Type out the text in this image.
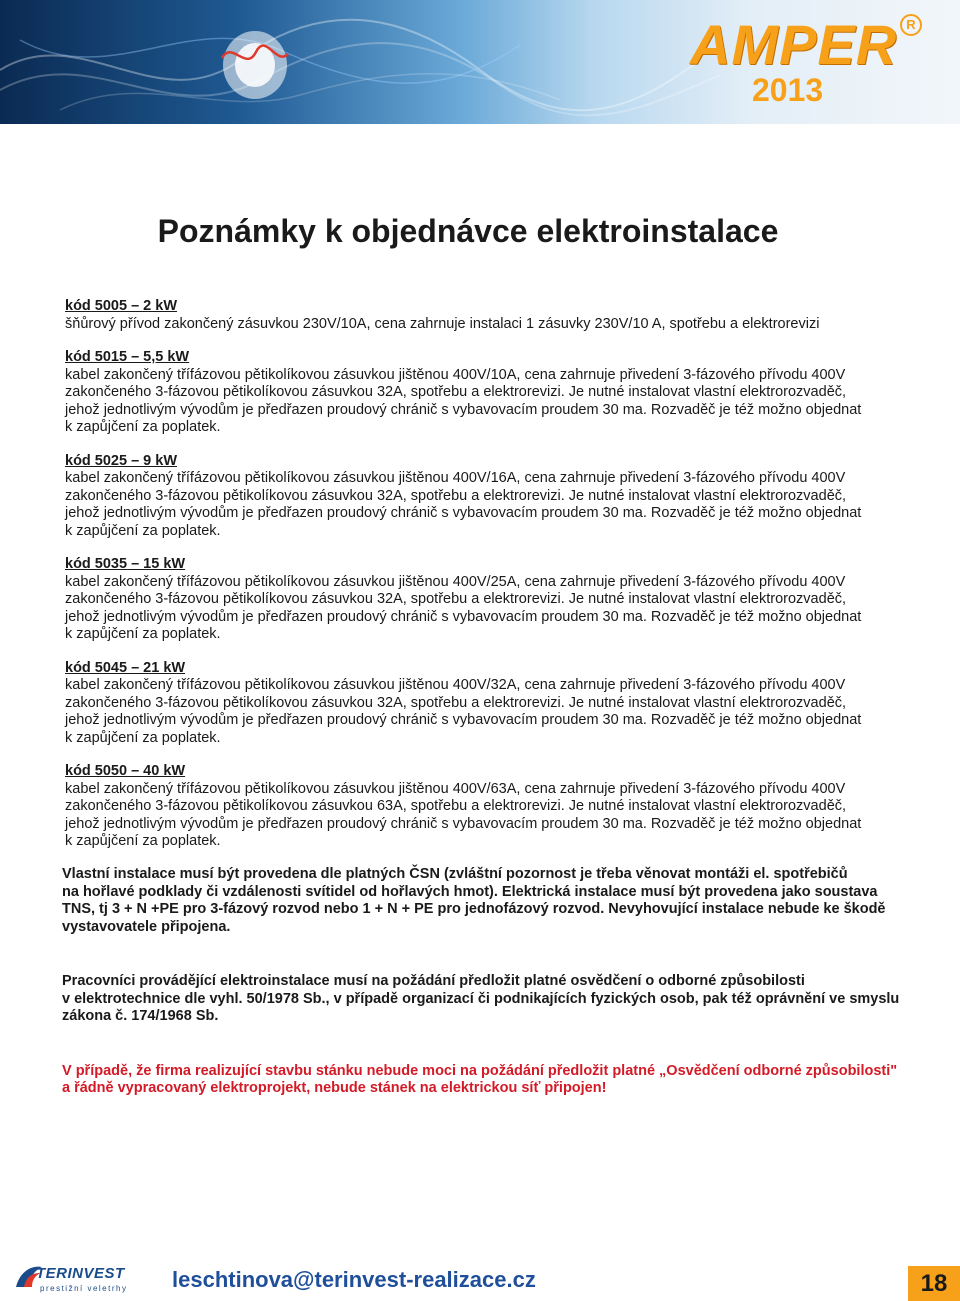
AMPER R
2013
Poznámky k objednávce elektroinstalace
kód 5005 – 2 kW
šňůrový přívod zakončený zásuvkou 230V/10A, cena zahrnuje instalaci 1 zásuvky 230V/10 A, spotřebu a elektrorevizi
kód 5015 – 5,5 kW
kabel zakončený třífázovou pětikolíkovou zásuvkou jištěnou 400V/10A, cena zahrnuje přivedení 3-fázového přívodu 400V
zakončeného 3-fázovou pětikolíkovou zásuvkou 32A, spotřebu a elektrorevizi. Je nutné instalovat vlastní elektrorozvaděč,
jehož jednotlivým vývodům je předřazen proudový chránič s vybavovacím proudem 30 ma. Rozvaděč je též možno objednat
k zapůjčení za poplatek.
kód 5025 – 9 kW
kabel zakončený třífázovou pětikolíkovou zásuvkou jištěnou 400V/16A, cena zahrnuje přivedení 3-fázového přívodu 400V
zakončeného 3-fázovou pětikolíkovou zásuvkou 32A, spotřebu a elektrorevizi. Je nutné instalovat vlastní elektrorozvaděč,
jehož jednotlivým vývodům je předřazen proudový chránič s vybavovacím proudem 30 ma. Rozvaděč je též možno objednat
k zapůjčení za poplatek.
kód 5035 – 15 kW
kabel zakončený třífázovou pětikolíkovou zásuvkou jištěnou 400V/25A, cena zahrnuje přivedení 3-fázového přívodu 400V
zakončeného 3-fázovou pětikolíkovou zásuvkou 32A, spotřebu a elektrorevizi. Je nutné instalovat vlastní elektrorozvaděč,
jehož jednotlivým vývodům je předřazen proudový chránič s vybavovacím proudem 30 ma. Rozvaděč je též možno objednat
k zapůjčení za poplatek.
kód 5045 – 21 kW
kabel zakončený třífázovou pětikolíkovou zásuvkou jištěnou 400V/32A, cena zahrnuje přivedení 3-fázového přívodu 400V
zakončeného 3-fázovou pětikolíkovou zásuvkou 32A, spotřebu a elektrorevizi. Je nutné instalovat vlastní elektrorozvaděč,
jehož jednotlivým vývodům je předřazen proudový chránič s vybavovacím proudem 30 ma. Rozvaděč je též možno objednat
k zapůjčení za poplatek.
kód 5050 – 40 kW
kabel zakončený třífázovou pětikolíkovou zásuvkou jištěnou 400V/63A, cena zahrnuje přivedení 3-fázového přívodu 400V
zakončeného 3-fázovou pětikolíkovou zásuvkou 63A, spotřebu a elektrorevizi. Je nutné instalovat vlastní elektrorozvaděč,
jehož jednotlivým vývodům je předřazen proudový chránič s vybavovacím proudem 30 ma. Rozvaděč je též možno objednat
k zapůjčení za poplatek.
Vlastní instalace musí být provedena dle platných ČSN (zvláštní pozornost je třeba věnovat montáži el. spotřebičů
na hořlavé podklady či vzdálenosti svítidel od hořlavých hmot). Elektrická instalace musí být provedena jako soustava
TNS, tj 3 + N +PE pro 3-fázový rozvod nebo 1 + N + PE pro jednofázový rozvod. Nevyhovující instalace nebude ke škodě
vystavovatele připojena.
Pracovníci provádějící elektroinstalace musí na požádání předložit platné osvědčení o odborné způsobilosti
v elektrotechnice dle vyhl. 50/1978 Sb., v případě organizací či podnikajících fyzických osob, pak též oprávnění ve smyslu
zákona č. 174/1968 Sb.
V případě, že firma realizující stavbu stánku nebude moci na požádání předložit platné „Osvědčení odborné způsobilosti"
a řádně vypracovaný elektroprojekt, nebude stánek na elektrickou síť připojen!
TERINVEST
prestižní veletrhy leschtinova@terinvest-realizace.cz	18
